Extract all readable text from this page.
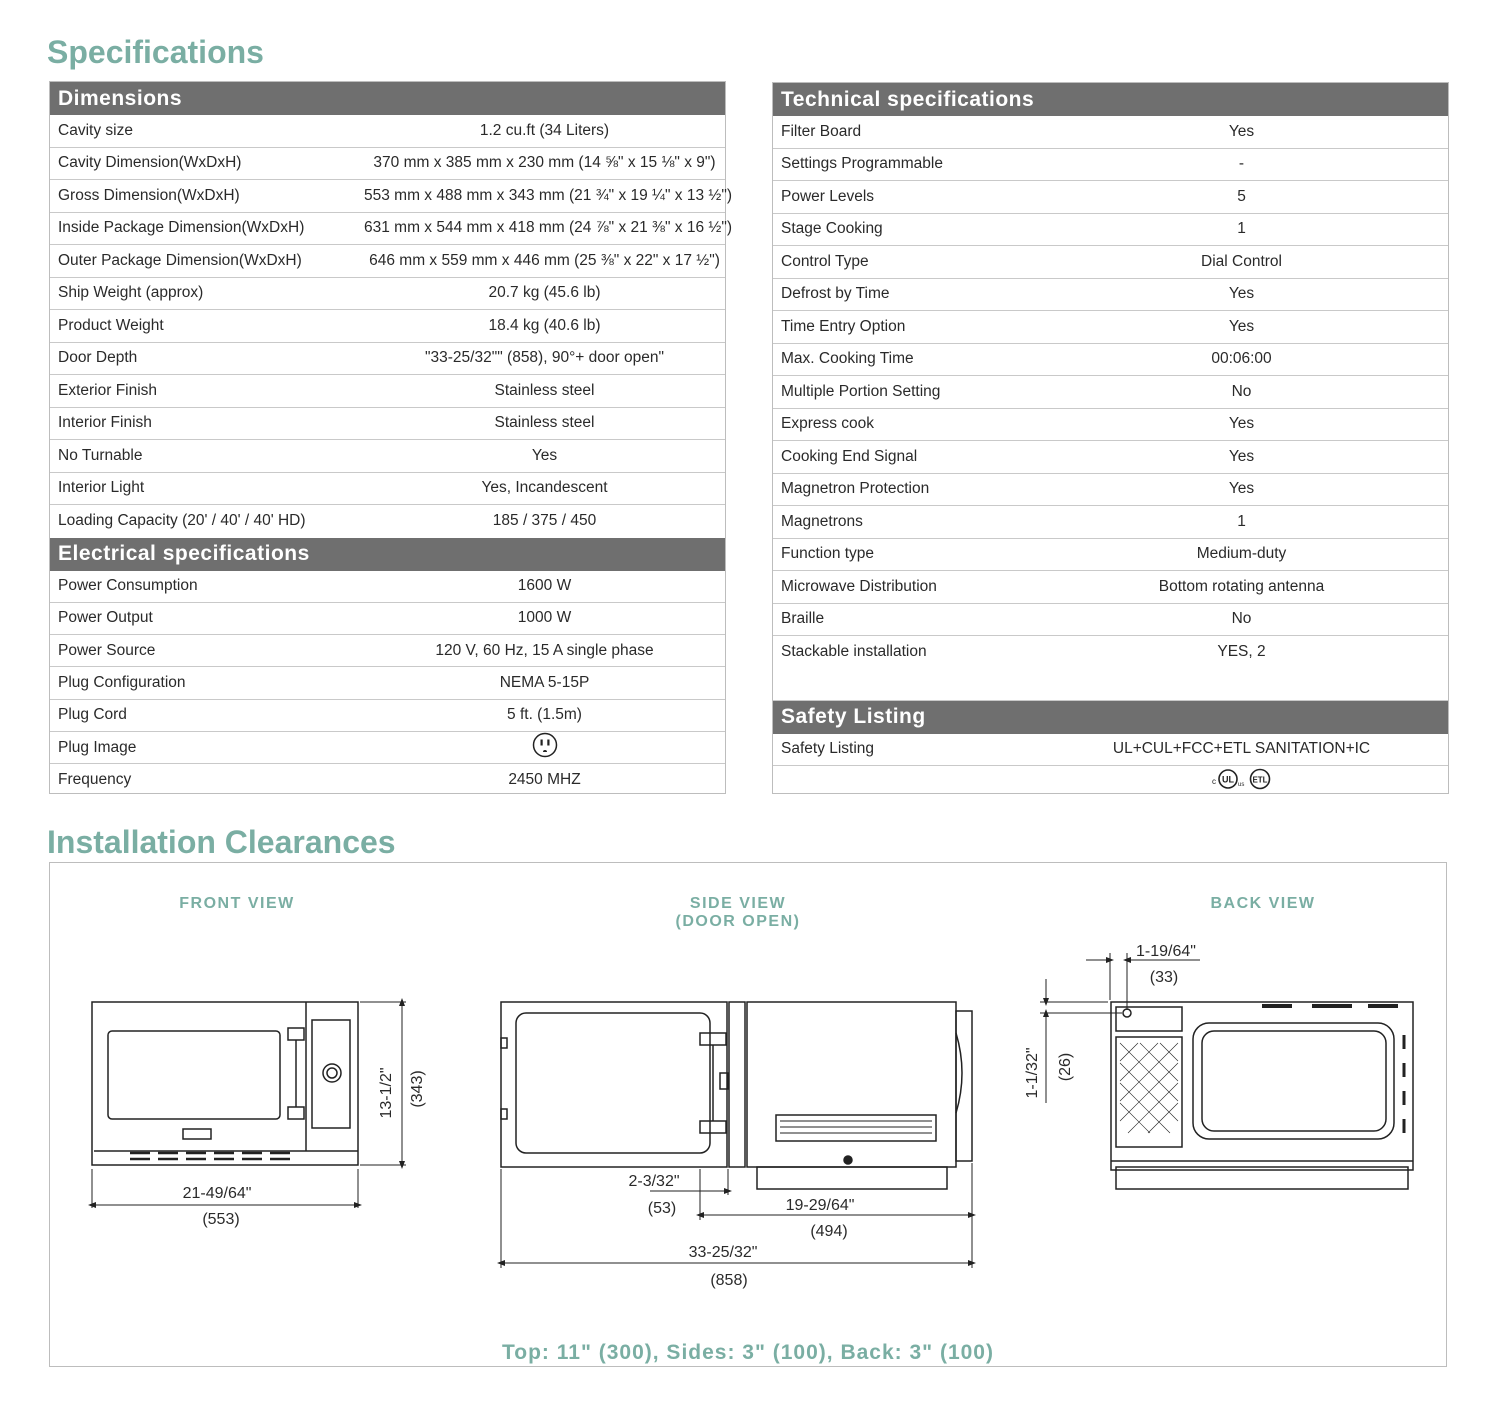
Specifications
Installation Clearances
Dimensions
Cavity size	1.2 cu.ft (34 Liters)
Cavity Dimension(WxDxH)	370 mm x 385 mm x 230 mm (14 ⅝" x 15 ⅛" x 9")
Gross Dimension(WxDxH)	553 mm x 488 mm x 343 mm (21 ¾" x 19 ¼" x 13 ½")
Inside Package Dimension(WxDxH)	631 mm x 544 mm x 418 mm (24 ⅞" x 21 ⅜" x 16 ½")
Outer Package Dimension(WxDxH)	646 mm x 559 mm x 446 mm (25 ⅜" x 22" x 17 ½")
Ship Weight (approx)	20.7 kg (45.6 lb)
Product Weight	18.4 kg (40.6 lb)
Door Depth	"33-25/32"" (858), 90°+ door open"
Exterior Finish	Stainless steel
Interior Finish	Stainless steel
No Turnable	Yes
Interior Light	Yes, Incandescent
Loading Capacity (20' / 40' / 40' HD)	185 / 375 / 450
Electrical specifications
Power Consumption	1600 W
Power Output	1000 W
Power Source	120 V, 60 Hz, 15 A single phase
Plug Configuration	NEMA 5-15P
Plug Cord	5 ft. (1.5m)
Plug Image
Frequency	2450 MHZ
Technical specifications
Filter Board	Yes
Settings Programmable	-
Power Levels	5
Stage Cooking	1
Control Type	Dial Control
Defrost by Time	Yes
Time Entry Option	Yes
Max. Cooking Time	00:06:00
Multiple Portion Setting	No
Express cook	Yes
Cooking End Signal	Yes
Magnetron Protection	Yes
Magnetrons	1
Function type	Medium-duty
Microwave Distribution	Bottom rotating antenna
Braille	No
Stackable installation	YES, 2
Safety Listing
Safety Listing	UL+CUL+FCC+ETL SANITATION+IC
c UL
us
ETL
FRONT VIEW	SIDE VIEW
(DOOR OPEN)
BACK VIEW
21-49/64"
(553)
13-1/2" (343)
2-3/32"
(53)	19-29/64"
(494)
33-25/32"
(858)
1-19/64"
(33)
1-1/32" (26)
Top: 11" (300), Sides: 3" (100), Back: 3" (100)
